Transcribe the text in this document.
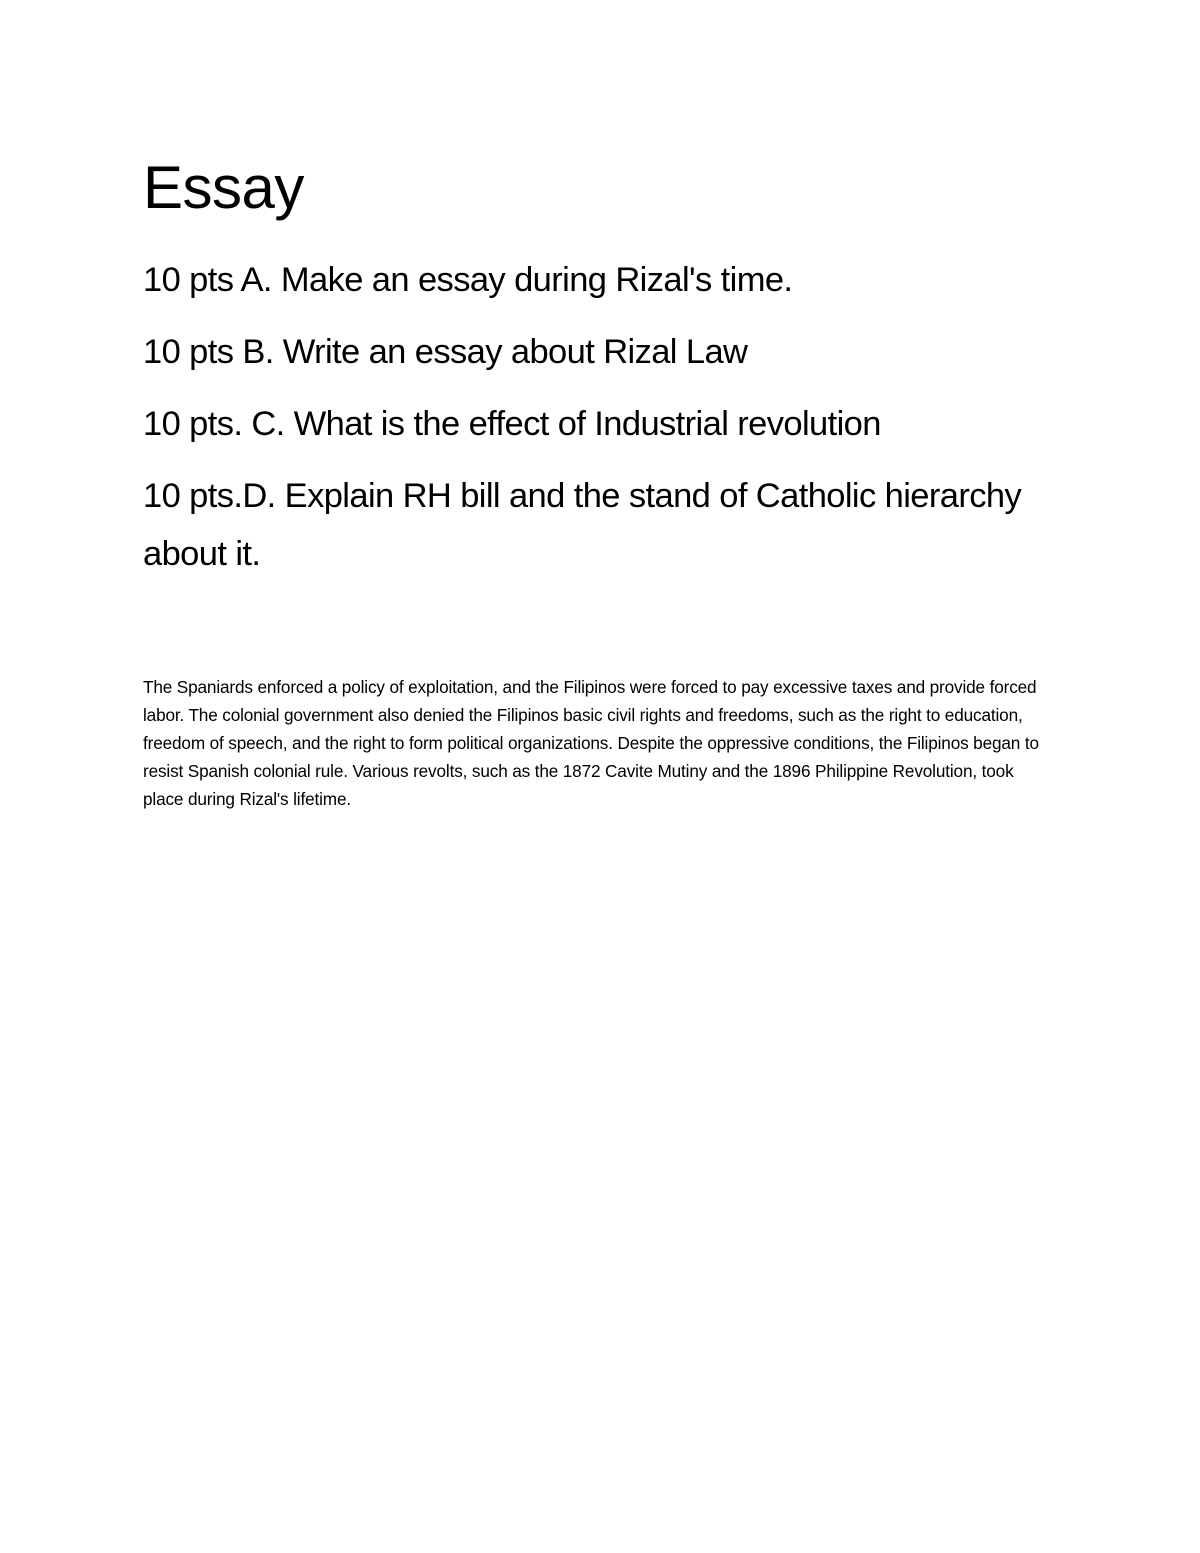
Essay

10 pts A. Make an essay during Rizal's time.

10 pts B. Write an essay about Rizal Law

10 pts. C. What is the effect of Industrial revolution

10 pts.D. Explain RH bill and the stand of Catholic hierarchy about it.

The Spaniards enforced a policy of exploitation, and the Filipinos were forced to pay excessive taxes and provide forced labor. The colonial government also denied the Filipinos basic civil rights and freedoms, such as the right to education, freedom of speech, and the right to form political organizations. Despite the oppressive conditions, the Filipinos began to resist Spanish colonial rule. Various revolts, such as the 1872 Cavite Mutiny and the 1896 Philippine Revolution, took place during Rizal's lifetime.
